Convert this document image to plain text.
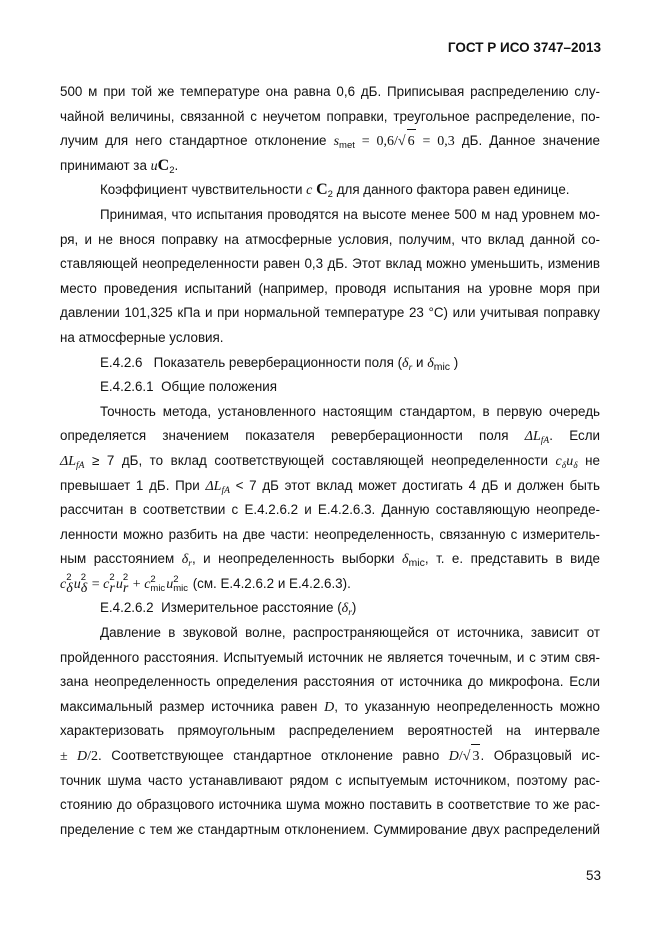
ГОСТ Р ИСО 3747–2013
500 м при той же температуре она равна 0,6 дБ. Приписывая распределению слу-
чайной величины, связанной с неучетом поправки, треугольное распределение, по-
лучим для него стандартное отклонение $s_{met} = 0,6/√$ 6 = 0,3 дБ. Данное значение
принимают за $uC_2$.
Коэффициент чувствительности c $C_2$ для данного фактора равен единице.
Принимая, что испытания проводятся на высоте менее 500 м над уровнем мо-
ря, и не внося поправку на атмосферные условия, получим, что вклад данной со-
ставляющей неопределенности равен 0,3 дБ. Этот вклад можно уменьшить, изменив
место проведения испытаний (например, проводя испытания на уровне моря при
давлении 101,325 кПа и при нормальной температуре 23 °C) или учитывая поправку
на атмосферные условия.
Е.4.2.6 Показатель реверберационности поля ($\delta_r$ и $\delta_{mic}$ )
Е.4.2.6.1 Общие положения
Точность метода, установленного настоящим стандартом, в первую очередь
определяется значением показателя реверберационности поля $\Delta L_{fA}$. Если
$\Delta L_{fA} \ge 7$ дБ, то вклад соответствующей составляющей неопределенности $c_\delta u_\delta$ не
превышает 1 дБ. При $\Delta L_{fA} < 7$ дБ этот вклад может достигать 4 дБ и должен быть
рассчитан в соответствии с Е.4.2.6.2 и Е.4.2.6.3. Данную составляющую неопреде-
ленности можно разбить на две части: неопределенность, связанную с измеритель-
ным расстоянием $\delta_r$, и неопределенность выборки $\delta_{mic}$, т. е. представить в виде
c 2
δ u 2
δ = c 2
r u 2
r + c 2
mic u 2
mic (см. Е.4.2.6.2 и Е.4.2.6.3).
Е.4.2.6.2 Измерительное расстояние $(\delta_r)$
Давление в звуковой волне, распространяющейся от источника, зависит от
пройденного расстояния. Испытуемый источник не является точечным, и с этим свя-
зана неопределенность определения расстояния от источника до микрофона. Если
максимальный размер источника равен D, то указанную неопределенность можно
характеризовать прямоугольным распределением вероятностей на интервале
± D/2. Соответствующее стандартное отклонение равно D/√ 3. Образцовый ис-
точник шума часто устанавливают рядом с испытуемым источником, поэтому рас-
стоянию до образцового источника шума можно поставить в соответствие то же рас-
пределение с тем же стандартным отклонением. Суммирование двух распределений
53
